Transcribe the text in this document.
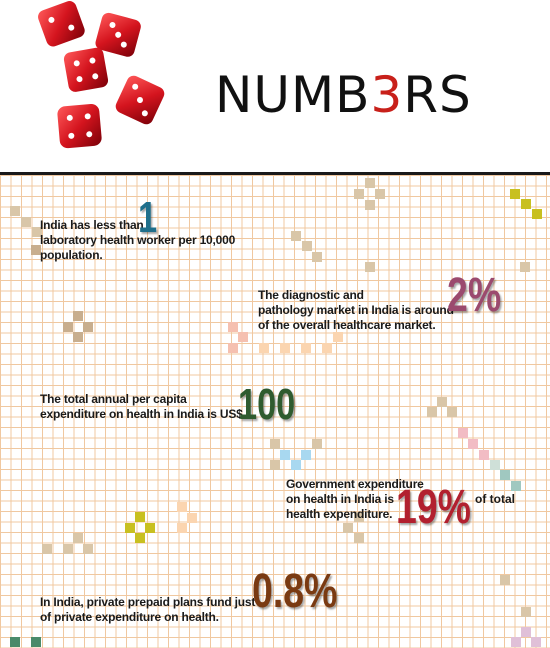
NUMB3RS
India has less than
laboratory health worker per 10,000
population.
1
The diagnostic and
pathology market in India is around
of the overall healthcare market.
2%
The total annual per capita
expenditure on health in India is US$
100
Government expenditure
on health in India is
health expenditure. 19% of total
In India, private prepaid plans fund just
of private expenditure on health. 0.8%
